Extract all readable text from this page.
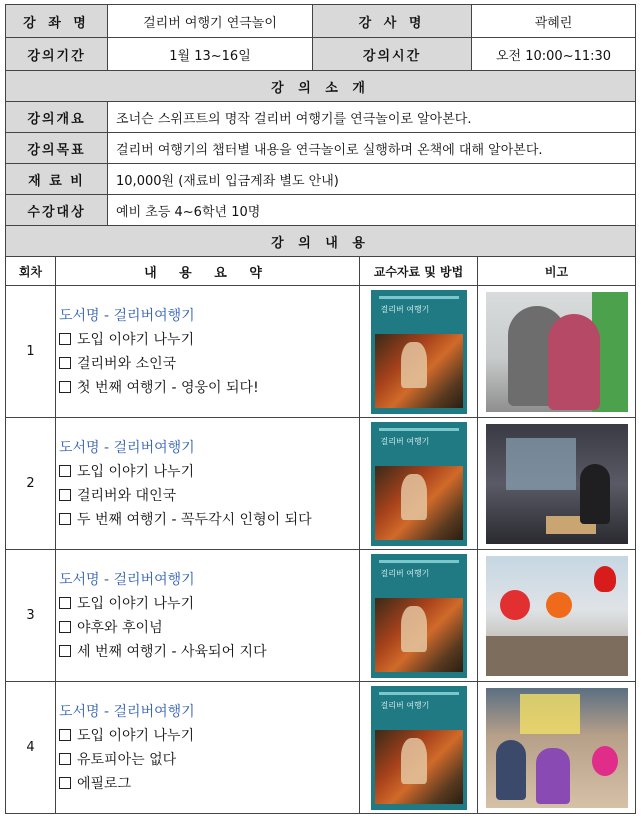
강 좌 명	걸리버 여행기 연극놀이	강 사 명	곽혜린
강의기간	1월 13~16일	강의시간	오전 10:00~11:30
강 의 소 개			
강의개요	조너슨 스위프트의 명작 걸리버 여행기를 연극놀이로 알아본다.		
강의목표	걸리버 여행기의 챕터별 내용을 연극놀이로 실행하며 온책에 대해 알아본다.		
재 료 비	10,000원 (재료비 입금계좌 별도 안내)		
수강대상	예비 초등 4~6학년 10명		
강 의 내 용			
회차	내 용 요 약	교수자료 및 방법	비고
1	도서명 - 걸리버여행기
도입 이야기 나누기
걸리버와 소인국
첫 번째 여행기 - 영웅이 되다!	걸리버 여행기	

2	도서명 - 걸리버여행기
도입 이야기 나누기
걸리버와 대인국
두 번째 여행기 - 꼭두각시 인형이 되다	걸리버 여행기	

3	도서명 - 걸리버여행기
도입 이야기 나누기
야후와 후이넘
세 번째 여행기 - 사육되어 지다	걸리버 여행기	

4	도서명 - 걸리버여행기
도입 이야기 나누기
유토피아는 없다
에필로그	걸리버 여행기	
